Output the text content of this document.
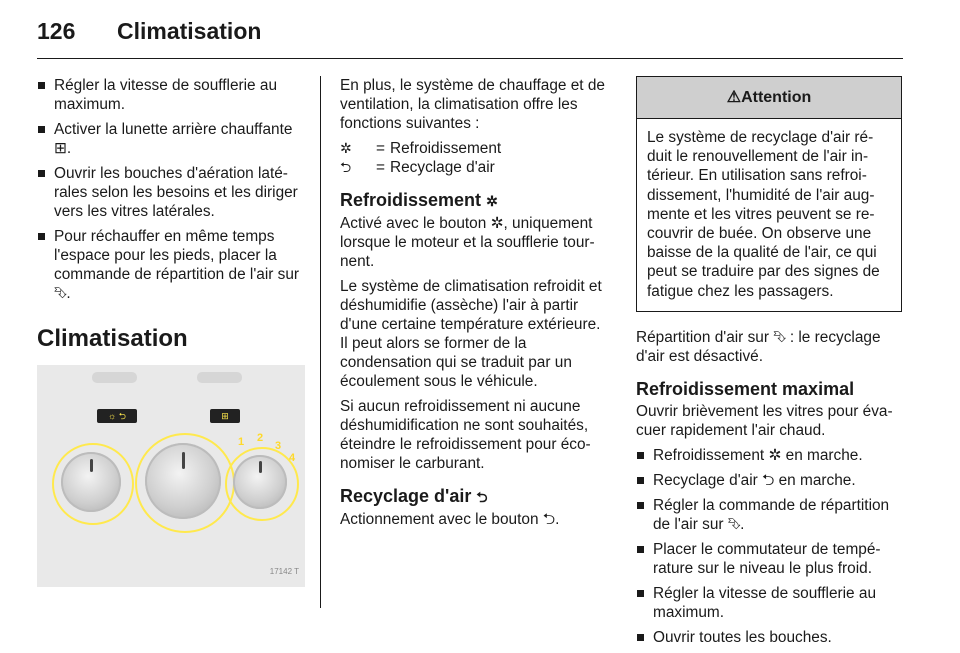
126 Climatisation
Régler la vitesse de soufflerie au maximum.
Activer la lunette arrière chauffante ⊞.
Ouvrir les bouches d'aération latérales selon les besoins et les diriger vers les vitres latérales.
Pour réchauffer en même temps l'espace pour les pieds, placer la commande de répartition de l'air sur ⮷.
Climatisation
☼ ⮌	⊞
1 2
3
4
17142 T

En plus, le système de chauffage et de ventilation, la climatisation offre les fonctions suivantes :

✲	= Refroidissement
⮌	= Recyclage d'air
Refroidissement ✲

Activé avec le bouton ✲, uniquement lorsque le moteur et la soufflerie tournent.

Le système de climatisation refroidit et déshumidifie (assèche) l'air à partir d'une certaine température extérieure. Il peut alors se former de la condensation qui se traduit par un écoulement sous le véhicule.

Si aucun refroidissement ni aucune déshumidification ne sont souhaités, éteindre le refroidissement pour économiser le carburant.

Recyclage d'air ⮌

Actionnement avec le bouton ⮌.

⚠Attention
Le système de recyclage d'air réduit le renouvellement de l'air intérieur. En utilisation sans refroidissement, l'humidité de l'air augmente et les vitres peuvent se recouvrir de buée. On observe une baisse de la qualité de l'air, ce qui peut se traduire par des signes de fatigue chez les passagers.

Répartition d'air sur ⮷ : le recyclage d'air est désactivé.

Refroidissement maximal

Ouvrir brièvement les vitres pour évacuer rapidement l'air chaud.

Refroidissement ✲ en marche.
Recyclage d'air ⮌ en marche.
Régler la commande de répartition de l'air sur ⮷.
Placer le commutateur de température sur le niveau le plus froid.
Régler la vitesse de soufflerie au maximum.
Ouvrir toutes les bouches.
